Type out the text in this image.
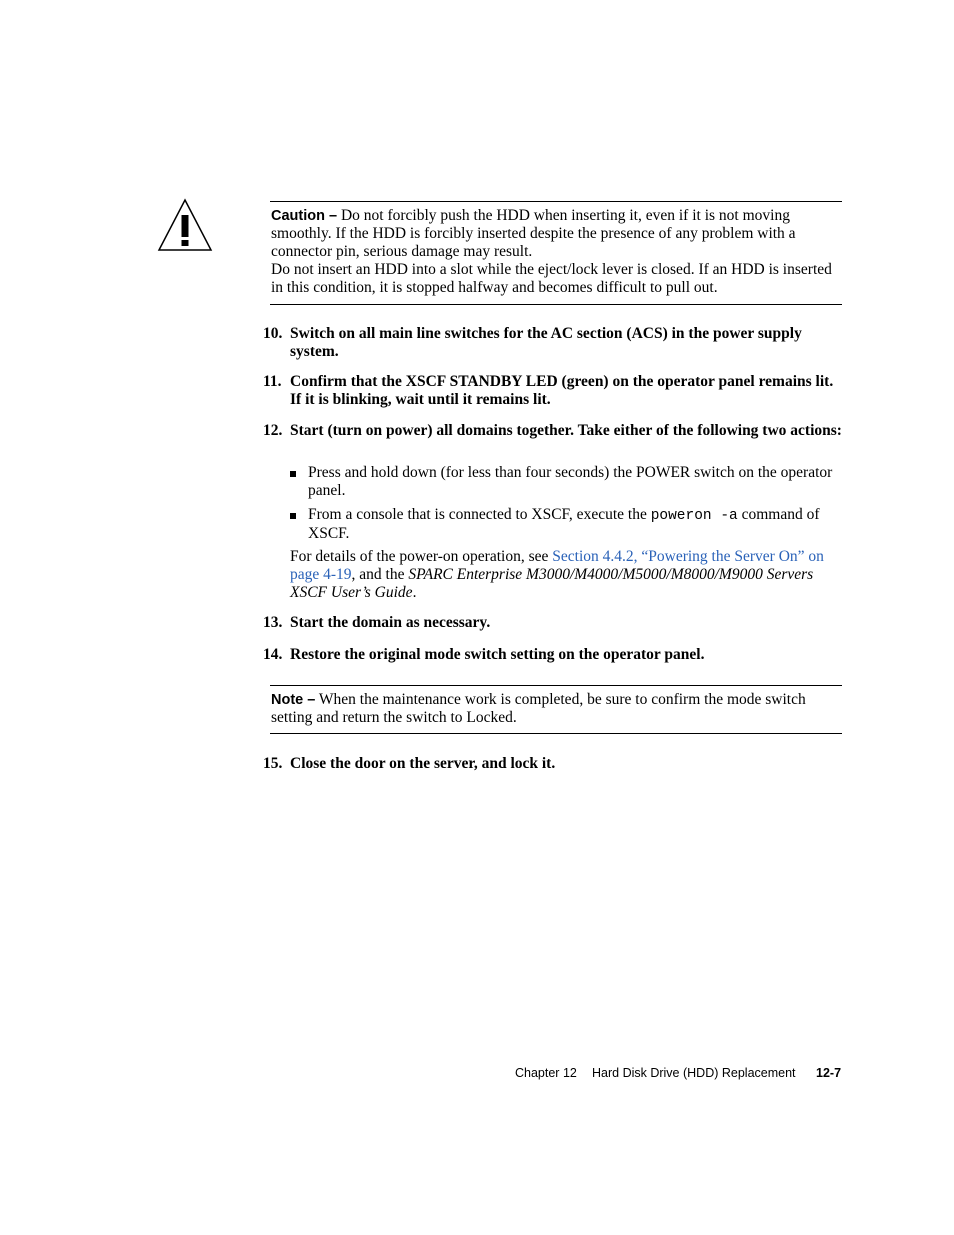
Caution – Do not forcibly push the HDD when inserting it, even if it is not moving smoothly. If the HDD is forcibly inserted despite the presence of any problem with a connector pin, serious damage may result.
Do not insert an HDD into a slot while the eject/lock lever is closed. If an HDD is inserted in this condition, it is stopped halfway and becomes difficult to pull out.
10. Switch on all main line switches for the AC section (ACS) in the power supply system.
11. Confirm that the XSCF STANDBY LED (green) on the operator panel remains lit. If it is blinking, wait until it remains lit.
12. Start (turn on power) all domains together. Take either of the following two actions:
Press and hold down (for less than four seconds) the POWER switch on the operator panel.
From a console that is connected to XSCF, execute the poweron -a command of XSCF.

For details of the power-on operation, see Section 4.4.2, “Powering the Server On” on page 4-19, and the SPARC Enterprise M3000/M4000/M5000/M8000/M9000 Servers XSCF User’s Guide.

13. Start the domain as necessary.
14. Restore the original mode switch setting on the operator panel.
Note – When the maintenance work is completed, be sure to confirm the mode switch setting and return the switch to Locked.
15. Close the door on the server, and lock it.
Chapter 12 Hard Disk Drive (HDD) Replacement 12-7
